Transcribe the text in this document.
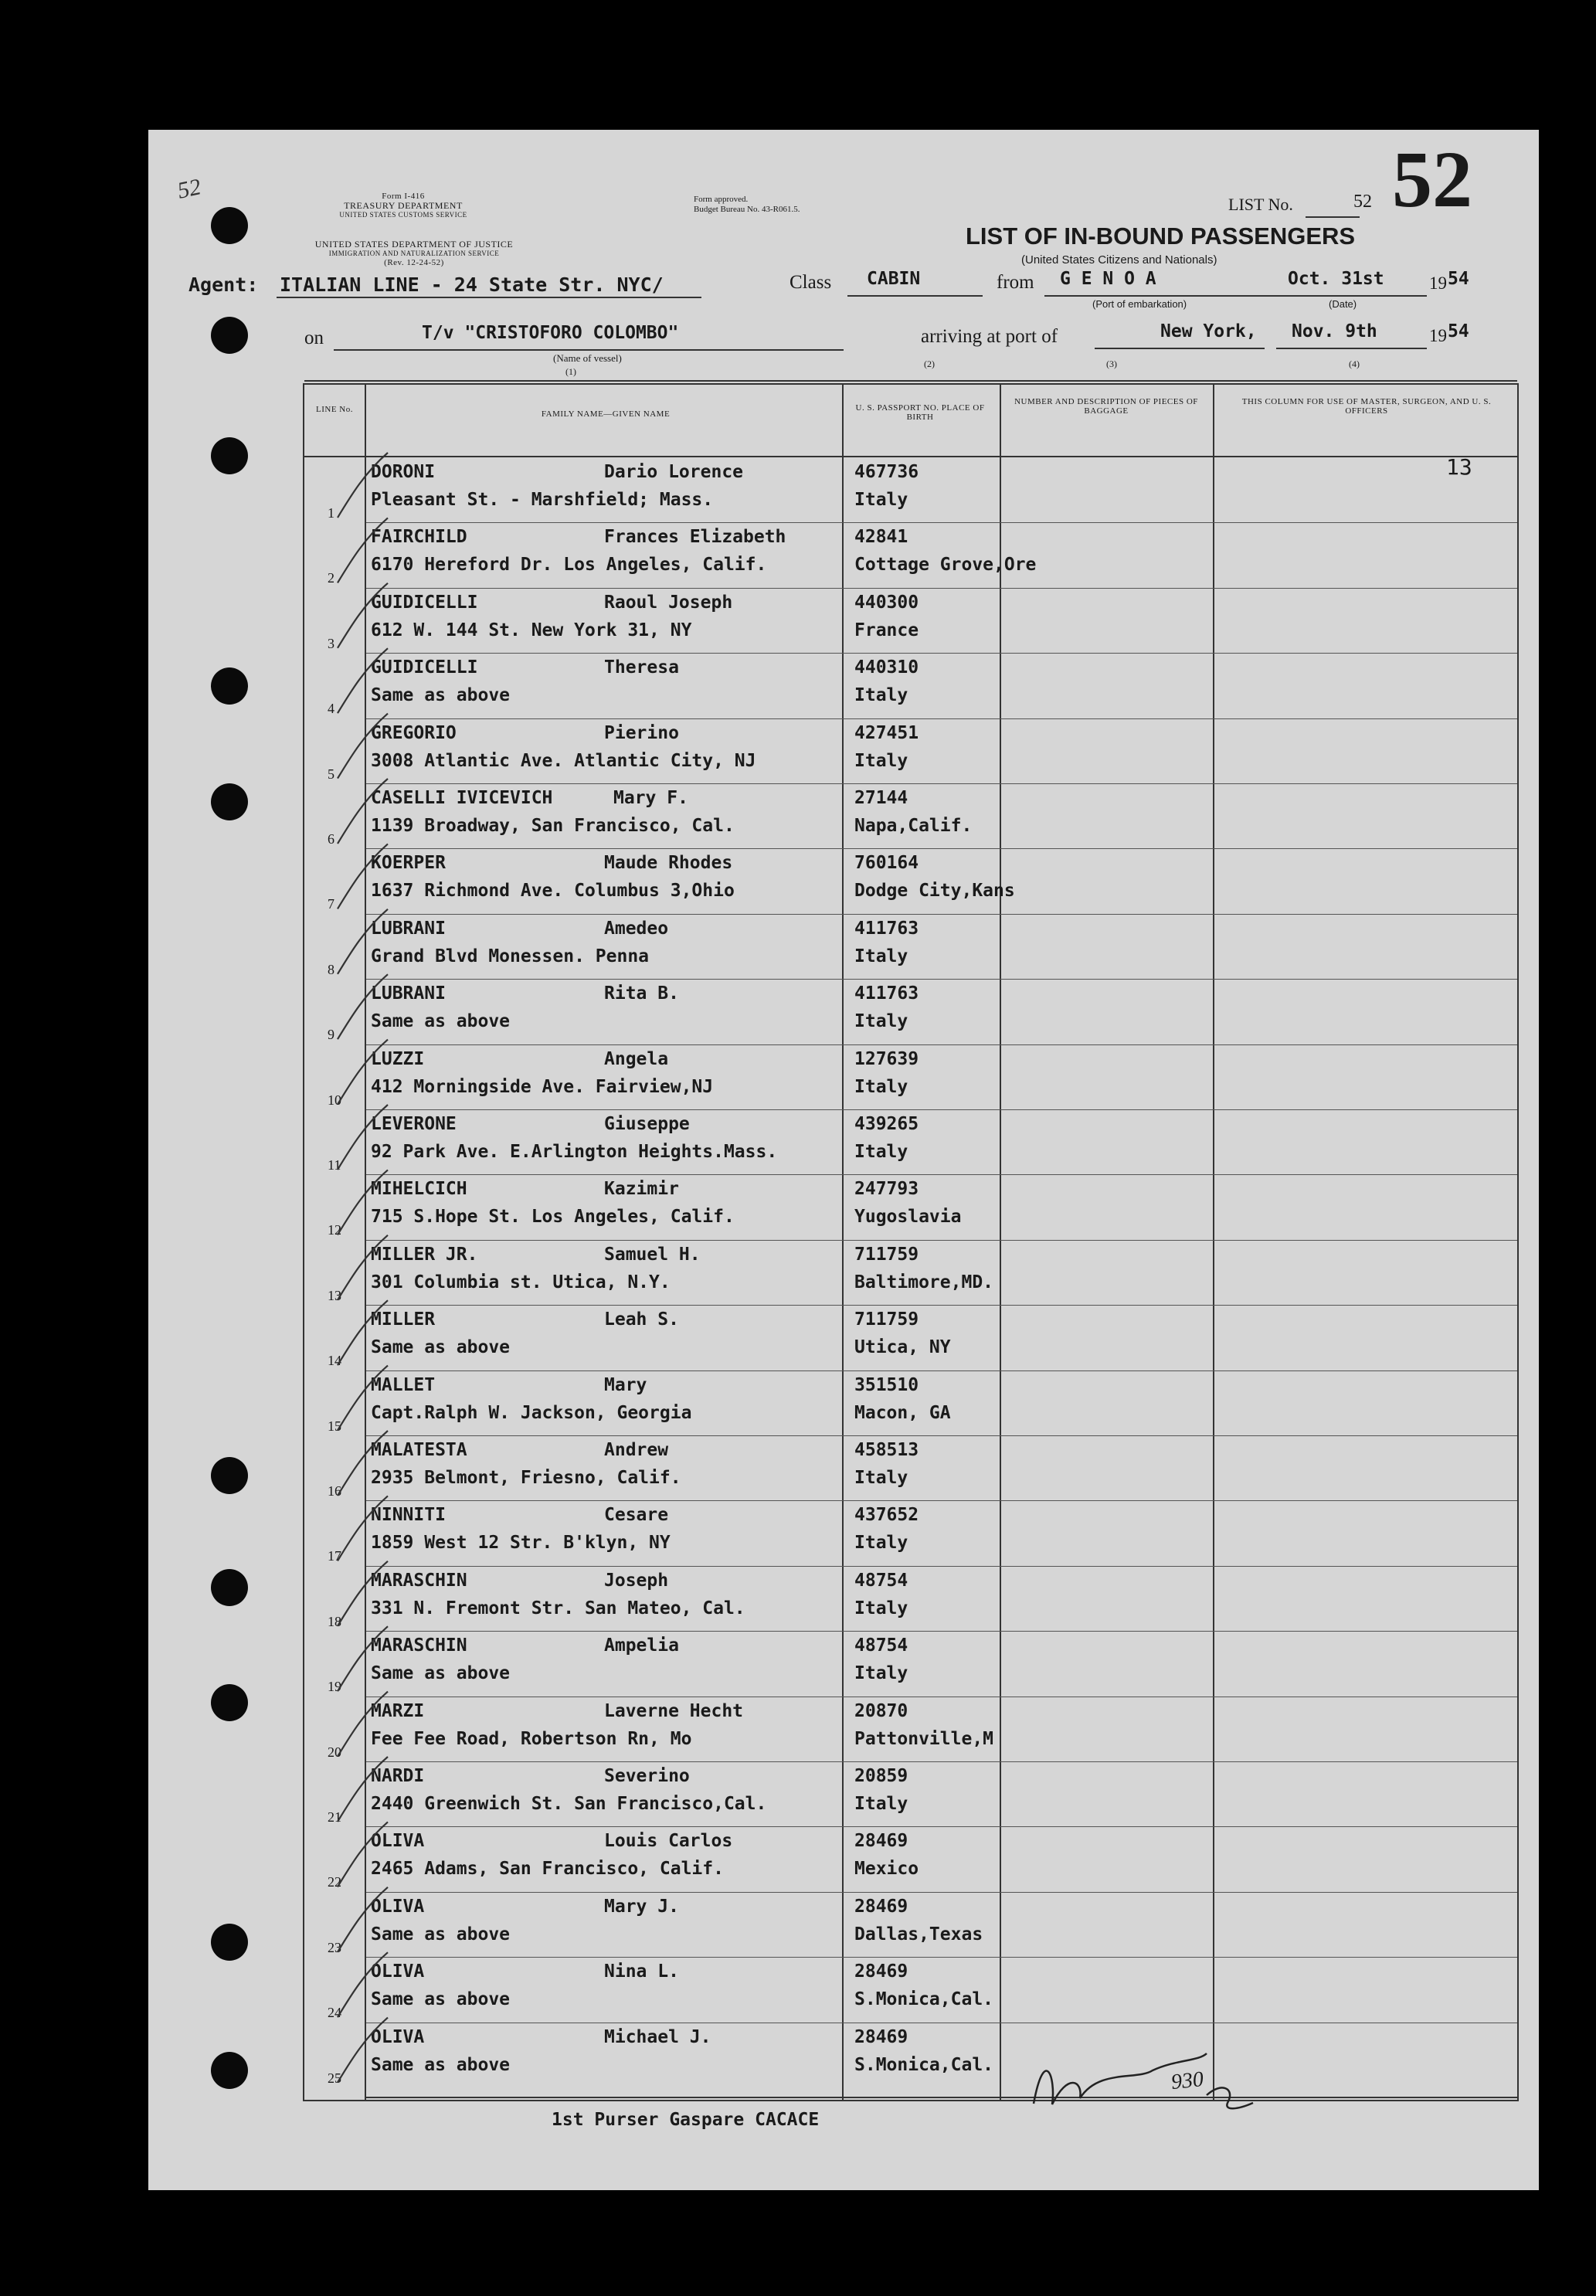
52	Form I-416
TREASURY DEPARTMENT
UNITED STATES CUSTOMS SERVICE
UNITED STATES DEPARTMENT OF JUSTICE
IMMIGRATION AND NATURALIZATION SERVICE
(Rev. 12-24-52)
Form approved.
Budget Bureau No. 43-R061.5.	LIST No.	52 52
LIST OF IN-BOUND PASSENGERS
(United States Citizens and Nationals)
Agent: ITALIAN LINE - 24 State Str. NYC/	Class CABIN	from G E N O A
(Port of embarkation)
Oct. 31st	19 54
(Date)
on	T/v "CRISTOFORO COLOMBO"
(Name of vessel)
arriving at port of	New York, Nov. 9th	19 54
(1)
(2)	(3)	(4)
LINE No.	FAMILY NAME—GIVEN NAME
U. S. PASSPORT NO. PLACE OF BIRTH
NUMBER AND DESCRIPTION OF PIECES OF BAGGAGE
THIS COLUMN FOR USE OF MASTER, SURGEON, AND U. S. OFFICERS
13
1
DORONI	Dario Lorence
Pleasant St. - Marshfield; Mass.
467736
Italy
2
FAIRCHILD	Frances Elizabeth
6170 Hereford Dr. Los Angeles, Calif.
42841
Cottage Grove,Ore
3
GUIDICELLI	Raoul Joseph
612 W. 144 St. New York 31, NY
440300
France
4
GUIDICELLI	Theresa
Same as above
440310
Italy
5
GREGORIO	Pierino
3008 Atlantic Ave. Atlantic City, NJ
427451
Italy
6
CASELLI IVICEVICH	Mary F.
1139 Broadway, San Francisco, Cal.
27144
Napa,Calif.
7
KOERPER	Maude Rhodes
1637 Richmond Ave. Columbus 3,Ohio
760164
Dodge City,Kans
8
LUBRANI	Amedeo
Grand Blvd Monessen. Penna
411763
Italy
9
LUBRANI	Rita B.
Same as above
411763
Italy
10
LUZZI	Angela
412 Morningside Ave. Fairview,NJ
127639
Italy
11
LEVERONE	Giuseppe
92 Park Ave. E.Arlington Heights.Mass.
439265
Italy
12
MIHELCICH	Kazimir
715 S.Hope St. Los Angeles, Calif.
247793
Yugoslavia
13
MILLER JR.	Samuel H.
301 Columbia st. Utica, N.Y.
711759
Baltimore,MD.
14
MILLER	Leah S.
Same as above
711759
Utica, NY
15
MALLET	Mary
Capt.Ralph W. Jackson, Georgia
351510
Macon, GA
16
MALATESTA	Andrew
2935 Belmont, Friesno, Calif.
458513
Italy
17
NINNITI	Cesare
1859 West 12 Str. B'klyn, NY
437652
Italy
18
MARASCHIN	Joseph
331 N. Fremont Str. San Mateo, Cal.
48754
Italy
19
MARASCHIN	Ampelia
Same as above
48754
Italy
20
MARZI	Laverne Hecht
Fee Fee Road, Robertson Rn, Mo
20870
Pattonville,M
21
NARDI	Severino
2440 Greenwich St. San Francisco,Cal.
20859
Italy
22
OLIVA	Louis Carlos
2465 Adams, San Francisco, Calif.
28469
Mexico
23
OLIVA	Mary J.
Same as above
28469
Dallas,Texas
24
OLIVA	Nina L.
Same as above
28469
S.Monica,Cal.
25
OLIVA	Michael J.
Same as above
28469
S.Monica,Cal.
1st Purser Gaspare CACACE
930
